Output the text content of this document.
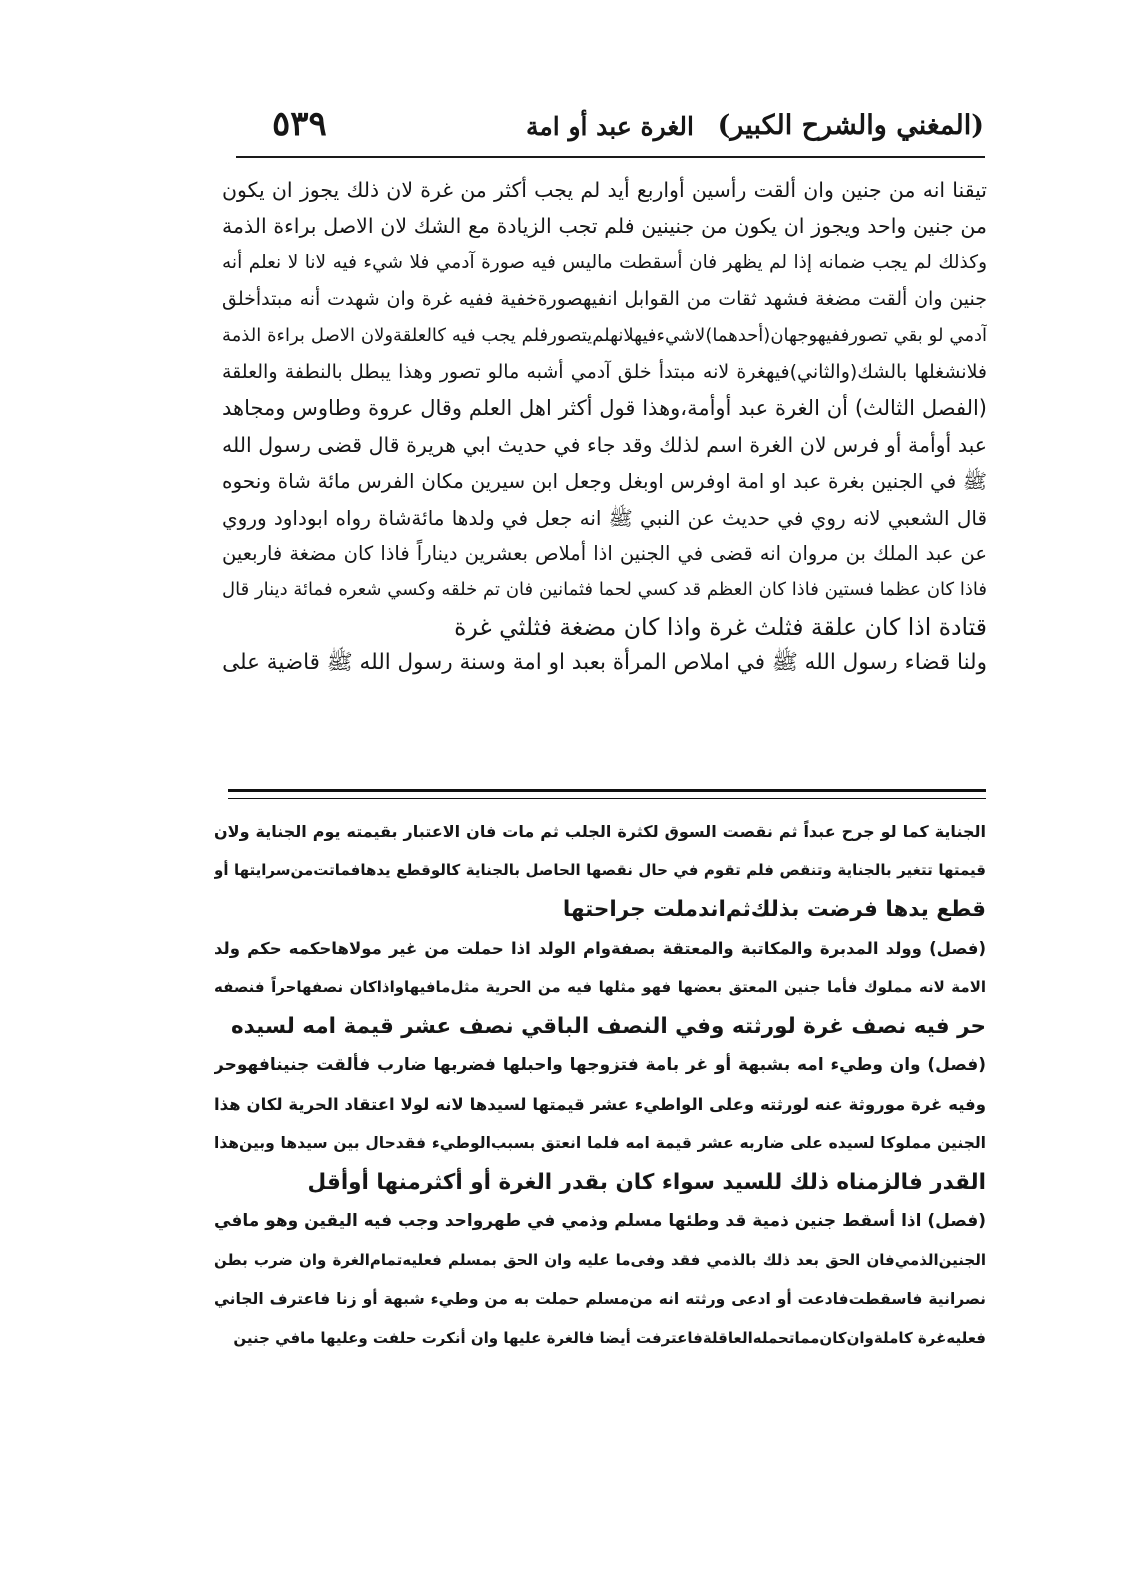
(المغني والشرح الكبير)
الغرة عبد أو امة
٥٣٩
تيقنا انه من جنين وان ألقت رأسين أواربع أيد لم يجب أكثر من غرة لان ذلك يجوز ان يكون
من جنين واحد ويجوز ان يكون من جنينين فلم تجب الزيادة مع الشك لان الاصل براءة الذمة
وكذلك لم يجب ضمانه إذا لم يظهر فان أسقطت ماليس فيه صورة آدمي فلا شيء فيه لانا لا نعلم أنه
جنين وان ألقت مضغة فشهد ثقات من القوابل انفيهصورةخفية ففيه غرة وان شهدت أنه مبتدأخلق
آدمي لو بقي تصورففيهوجهان(أحدهما)لاشيءفيهلانهلم‌يتصورفلم يجب فيه كالعلقةولان الاصل براءة الذمة
فلانشغلها بالشك(والثاني)فيهغرة لانه مبتدأ خلق آدمي أشبه مالو تصور وهذا يبطل بالنطفة والعلقة
(الفصل الثالث) أن الغرة عبد أوأمة،وهذا قول أكثر اهل العلم وقال عروة وطاوس ومجاهد
عبد أوأمة أو فرس لان الغرة اسم لذلك وقد جاء في حديث ابي هريرة قال قضى رسول الله
ﷺ في الجنين بغرة عبد او امة اوفرس اوبغل وجعل ابن سيرين مكان الفرس مائة شاة ونحوه
قال الشعبي لانه روي في حديث عن النبي ﷺ انه جعل في ولدها مائةشاة رواه ابوداود وروي
عن عبد الملك بن مروان انه قضى في الجنين اذا أملاص بعشرين ديناراً فاذا كان مضغة فاربعين
فاذا كان عظما فستين فاذا كان العظم قد كسي لحما فثمانين فان تم خلقه وكسي شعره فمائة دينار قال
قتادة اذا كان علقة فثلث غرة واذا كان مضغة فثلثي غرة
ولنا قضاء رسول الله ﷺ في املاص المرأة بعبد او امة وسنة رسول الله ﷺ قاضية على
الجناية كما لو جرح عبداً ثم نقصت السوق لكثرة الجلب ثم مات فان الاعتبار بقيمته يوم الجناية ولان
قيمتها تتغير بالجناية وتنقص فلم تقوم في حال نقصها الحاصل بالجناية كالوقطع يدهافماتت‌من‌سرايتها أو
قطع يدها فرضت بذلك‌ثم‌اندملت جراحتها
(فصل) وولد المدبرة والمكاتبة والمعتقة بصفةوام الولد اذا حملت من غير مولاهاحكمه حكم ولد
الامة لانه مملوك فأما جنين المعتق بعضها فهو مثلها فيه من الحرية مثل‌مافيهاواذاكان نصفهاحراً فنصفه
حر فيه نصف غرة لورثته وفي النصف الباقي نصف عشر قيمة امه لسيده
(فصل) وان وطيء امه بشبهة أو غر بامة فتزوجها واحبلها فضربها ضارب فألقت جنينافهوحر
وفيه غرة موروثة عنه لورثته وعلى الواطيء عشر قيمتها لسيدها لانه لولا اعتقاد الحرية لكان هذا
الجنين مملوكا لسيده على ضاربه عشر قيمة امه فلما انعتق بسبب‌الوطيء فقدحال بين سيدها وبين‌هذا
القدر فالزمناه ذلك للسيد سواء كان بقدر الغرة أو أكثرمنها أوأقل
(فصل) اذا أسقط جنين ذمية قد وطئها مسلم وذمي في طهرواحد وجب فيه اليقين وهو مافي
الجنين‌الذمي‌فان الحق بعد ذلك بالذمي فقد وفى‌ما عليه وان الحق بمسلم فعليه‌تمام‌الغرة وان ضرب بطن
نصرانية فاسقطت‌فادعت أو ادعى ورثته انه من‌مسلم حملت به من وطيء شبهة أو زنا فاعترف الجاني
فعليه‌غرة كاملةوان‌كان‌مما‌تحمله‌العاقلة‌فاعترفت أيضا فالغرة عليها وان أنكرت حلفت وعليها مافي جنين
